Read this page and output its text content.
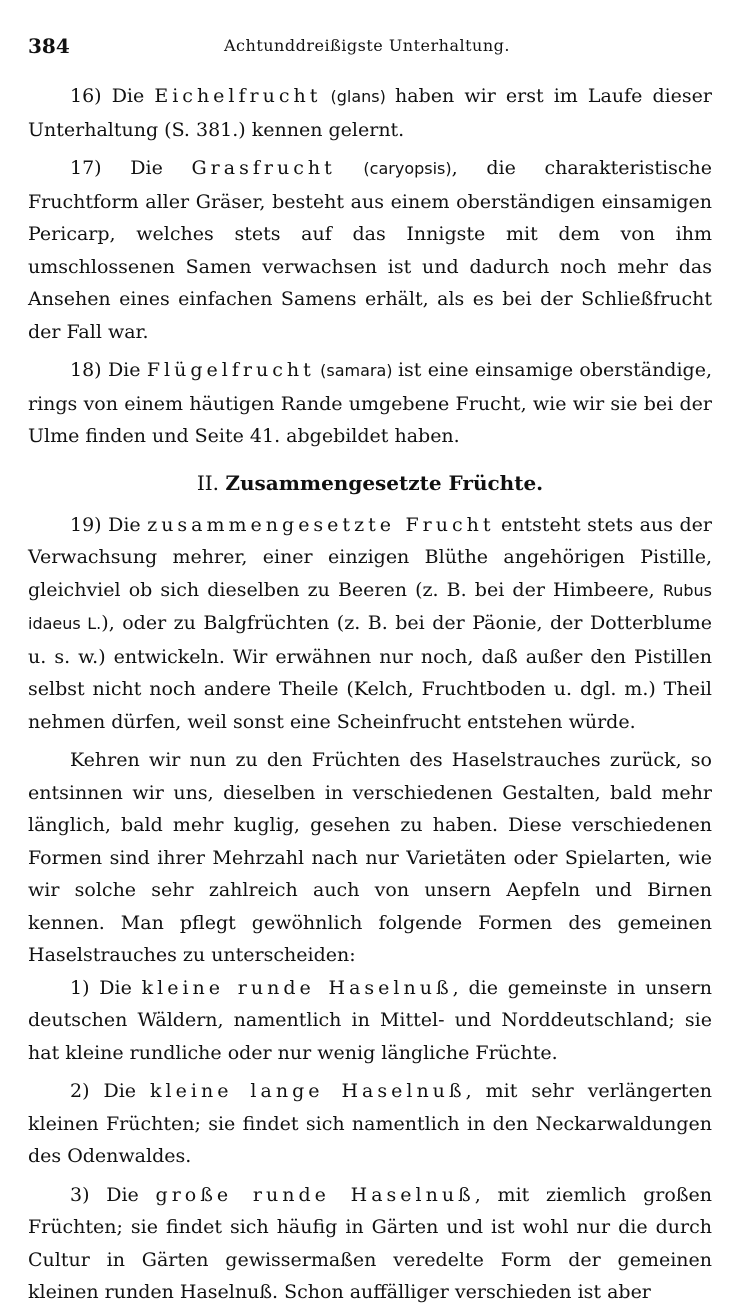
384	Achtunddreißigste Unterhaltung.

16) Die Eichelfrucht (glans) haben wir erst im Laufe dieser Unterhaltung (S. 381.) kennen gelernt.

17) Die Grasfrucht (caryopsis), die charakteristische Fruchtform aller Gräser, besteht aus einem oberständigen einsamigen Pericarp, welches stets auf das Innigste mit dem von ihm umschlossenen Samen verwachsen ist und dadurch noch mehr das Ansehen eines einfachen Samens erhält, als es bei der Schließfrucht der Fall war.

18) Die Flügelfrucht (samara) ist eine einsamige oberständige, rings von einem häutigen Rande umgebene Frucht, wie wir sie bei der Ulme finden und Seite 41. abgebildet haben.

II. Zusammengesetzte Früchte.

19) Die zusammengesetzte Frucht entsteht stets aus der Verwachsung mehrer, einer einzigen Blüthe angehörigen Pistille, gleichviel ob sich dieselben zu Beeren (z. B. bei der Himbeere, Rubus idaeus L.), oder zu Balgfrüchten (z. B. bei der Päonie, der Dotterblume u. s. w.) entwickeln. Wir erwähnen nur noch, daß außer den Pistillen selbst nicht noch andere Theile (Kelch, Fruchtboden u. dgl. m.) Theil nehmen dürfen, weil sonst eine Scheinfrucht entstehen würde.

Kehren wir nun zu den Früchten des Haselstrauches zurück, so entsinnen wir uns, dieselben in verschiedenen Gestalten, bald mehr länglich, bald mehr kuglig, gesehen zu haben. Diese verschiedenen Formen sind ihrer Mehrzahl nach nur Varietäten oder Spielarten, wie wir solche sehr zahlreich auch von unsern Aepfeln und Birnen kennen. Man pflegt gewöhnlich folgende Formen des gemeinen Haselstrauches zu unterscheiden:

1) Die kleine runde Haselnuß, die gemeinste in unsern deutschen Wäldern, namentlich in Mittel- und Norddeutschland; sie hat kleine rundliche oder nur wenig längliche Früchte.

2) Die kleine lange Haselnuß, mit sehr verlängerten kleinen Früchten; sie findet sich namentlich in den Neckarwaldungen des Odenwaldes.

3) Die große runde Haselnuß, mit ziemlich großen Früchten; sie findet sich häufig in Gärten und ist wohl nur die durch Cultur in Gärten gewissermaßen veredelte Form der gemeinen kleinen runden Haselnuß. Schon auffälliger verschieden ist aber
